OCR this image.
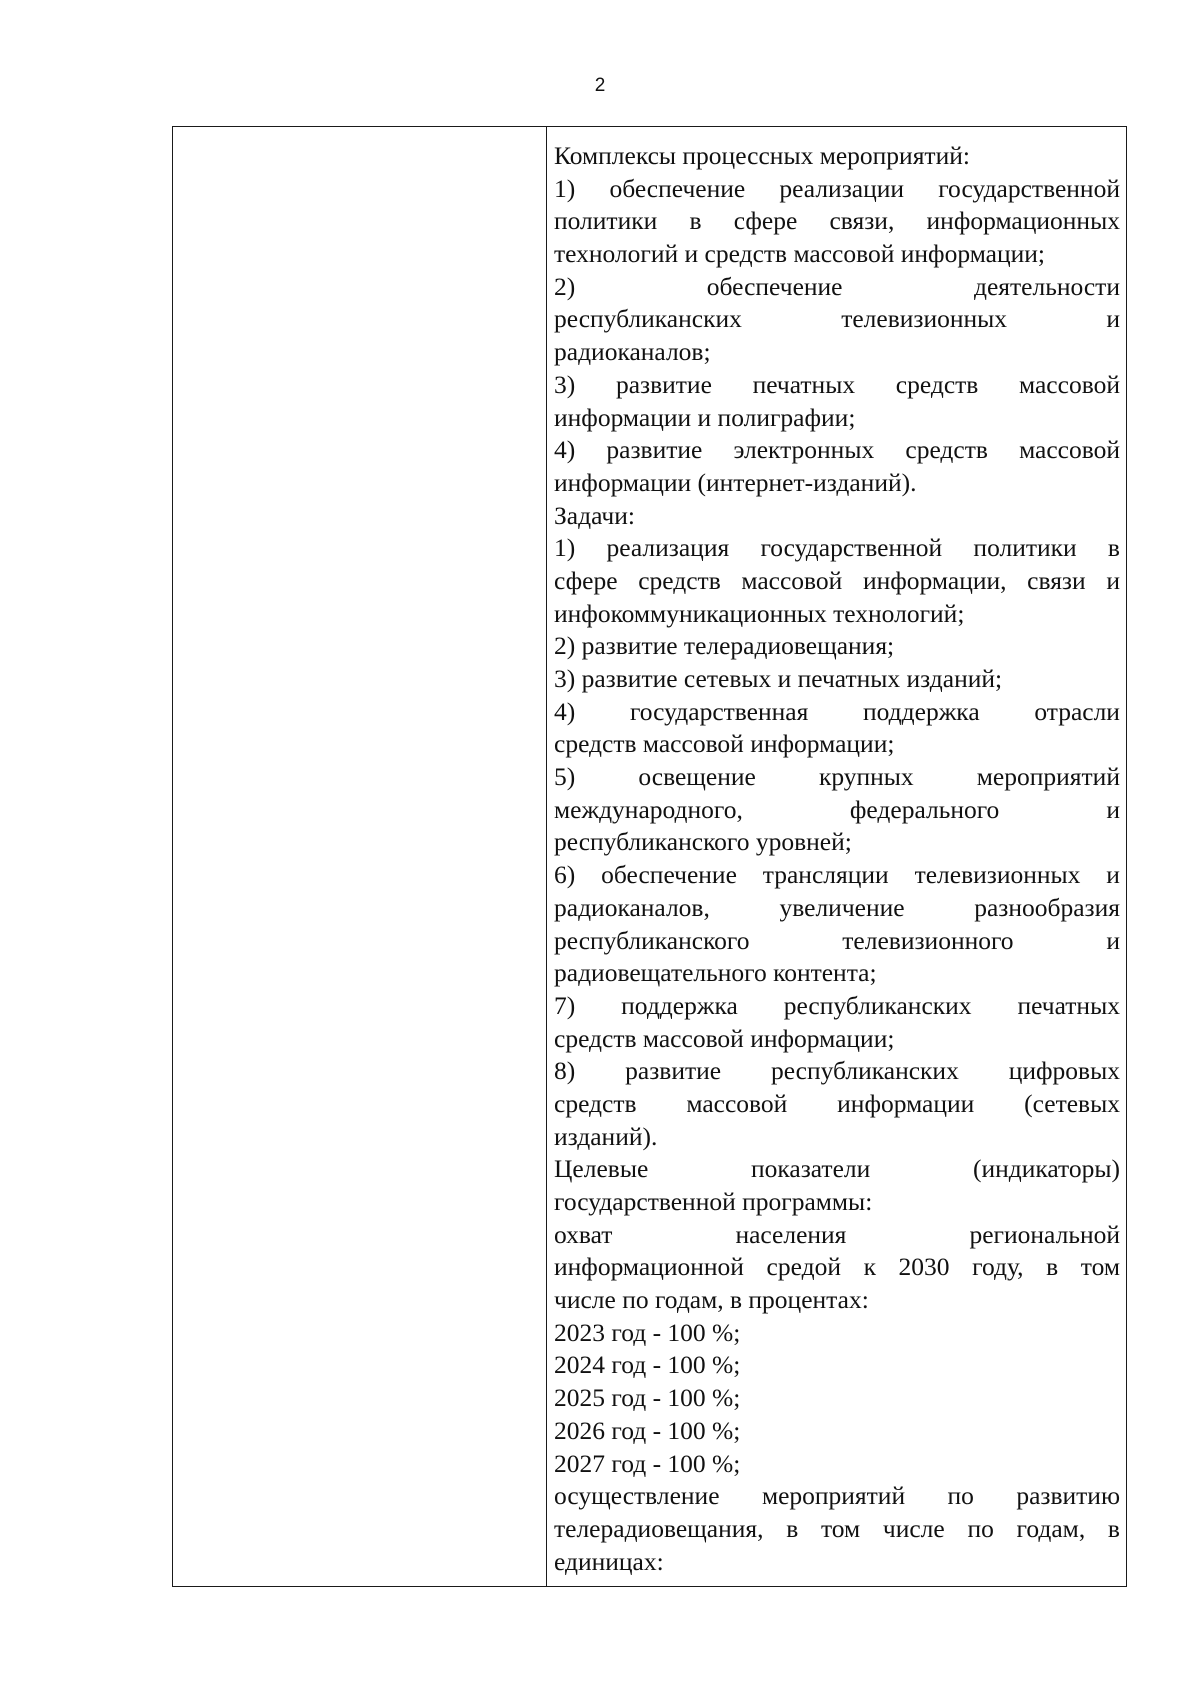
2

Комплексы процессных мероприятий:
1) обеспечение реализации государственной
политики в сфере связи, информационных
технологий и средств массовой информации;
2)	обеспечение	деятельности
республиканских	телевизионных	и
радиоканалов;
3) развитие печатных средств массовой
информации и полиграфии;
4) развитие электронных средств массовой
информации (интернет-изданий).
Задачи:
1) реализация государственной политики в
сфере средств массовой информации, связи и
инфокоммуникационных технологий;
2) развитие телерадиовещания;
3) развитие сетевых и печатных изданий;
4) государственная поддержка отрасли
средств массовой информации;
5) освещение крупных мероприятий
международного,	федерального	и
республиканского уровней;
6) обеспечение трансляции телевизионных и
радиоканалов,	увеличение	разнообразия
республиканского	телевизионного	и
радиовещательного контента;
7) поддержка республиканских печатных
средств массовой информации;
8) развитие республиканских цифровых
средств массовой информации (сетевых
изданий).
Целевые	показатели	(индикаторы)
государственной программы:
охват	населения	региональной
информационной средой к 2030 году, в том
числе по годам, в процентах:
2023 год - 100 %;
2024 год - 100 %;
2025 год - 100 %;
2026 год - 100 %;
2027 год - 100 %;
осуществление мероприятий по развитию
телерадиовещания, в том числе по годам, в
единицах:
